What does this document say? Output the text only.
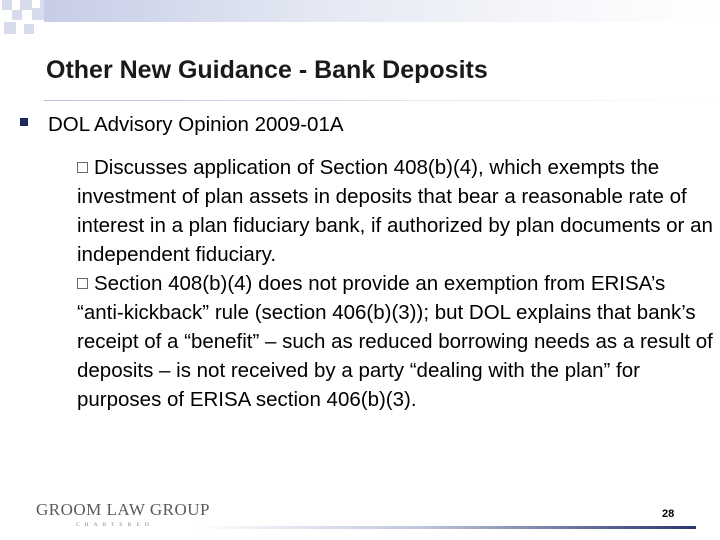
Other New Guidance - Bank Deposits
DOL Advisory Opinion 2009-01A
Discusses application of Section 408(b)(4), which exempts the investment of plan assets in deposits that bear a reasonable rate of interest in a plan fiduciary bank, if authorized by plan documents or an independent fiduciary.
Section 408(b)(4) does not provide an exemption from ERISA’s “anti-kickback” rule (section 406(b)(3)); but DOL explains that bank’s receipt of a “benefit” – such as reduced borrowing needs as a result of deposits – is not received by a party “dealing with the plan” for purposes of ERISA section 406(b)(3).
GROOM LAW GROUP
CHARTERED
28
